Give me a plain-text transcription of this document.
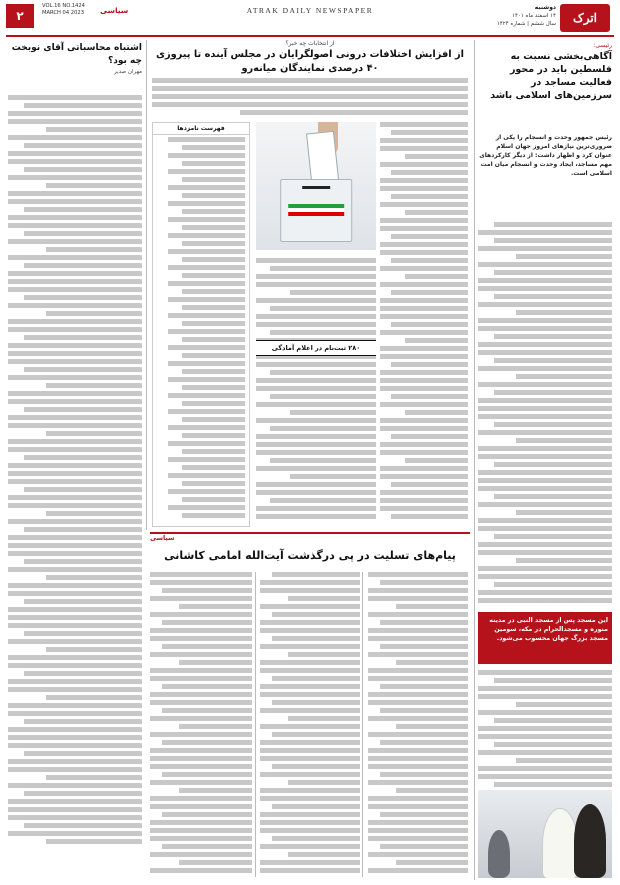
اترک
دوشنبه
۱۴ اسفند ماه ۱۴۰۱
سال ششم | شماره ۱۴۲۴
ATRAK DAILY NEWSPAPER
سیاسی
VOL.16 NO.1424
MARCH 04 2023
۲
رئیسی:
آگاهی‌بخشی نسبت به فلسطین باید در محور فعالیت مساجد در سرزمین‌های اسلامی باشد
رئیس جمهور وحدت و انسجام را یکی از ضروری‌ترین نیازهای امروز جهان اسلام عنوان کرد و اظهار داشت: از دیگر کارکردهای مهم مساجد، ایجاد وحدت و انسجام میان امت اسلامی است.
این مسجد پس از مسجد النبی در مدینه منوره و مسجدالحرام در مکه، سومین مسجد بزرگ جهان محسوب می‌شود.
از انتخابات چه خبر؟
از افزایش اختلافات درونی اصولگرایان در مجلس آینده تا پیروزی ۴۰ درصدی نمایندگان میانه‌رو
۲۸۰ ثبت‌نام در اعلام آمادگی
فهرست نامزدها
اشتباه محاسباتی آقای نوبخت چه بود؟
مهران صدیر
سیاسی
پیام‌های تسلیت در پی درگذشت آیت‌الله امامی کاشانی
